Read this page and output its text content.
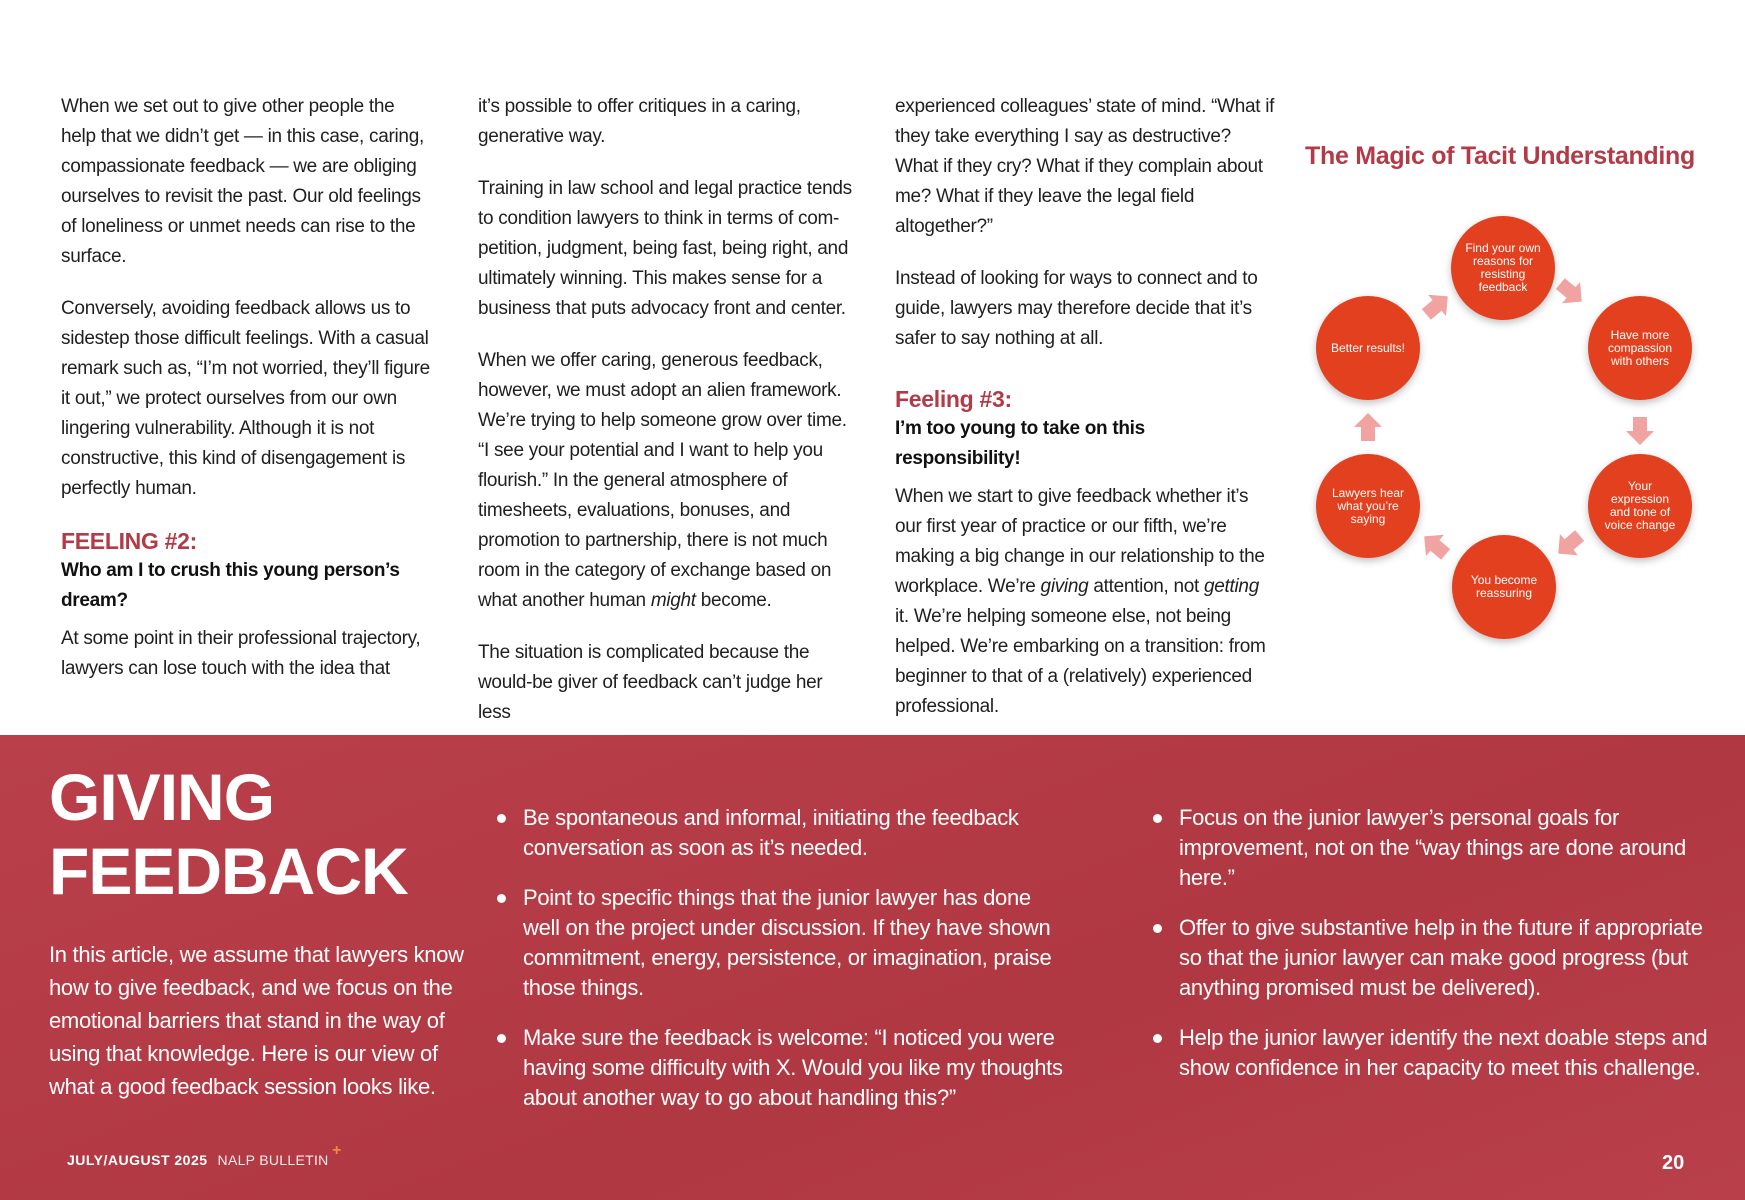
When we set out to give other people the help that we didn’t get — in this case, caring, compassionate feedback — we are obliging ourselves to revisit the past. Our old feelings of loneliness or unmet needs can rise to the surface.

Conversely, avoiding feedback allows us to sidestep those difficult feelings. With a casual remark such as, “I’m not worried, they’ll figure it out,” we protect ourselves from our own lingering vulnerability. Although it is not constructive, this kind of disengagement is perfectly human.

FEELING #2:
Who am I to crush this young person’s dream?

At some point in their professional trajectory, lawyers can lose touch with the idea that

it’s possible to offer critiques in a caring, generative way.

Training in law school and legal practice tends to condition lawyers to think in terms of competition, judgment, being fast, being right, and ultimately winning. This makes sense for a business that puts advocacy front and center.

When we offer caring, generous feedback, however, we must adopt an alien framework. We’re trying to help someone grow over time. “I see your potential and I want to help you flourish.” In the general atmosphere of timesheets, evaluations, bonuses, and promotion to partnership, there is not much room in the category of exchange based on what another human might become.

The situation is complicated because the would-be giver of feedback can’t judge her less

experienced colleagues’ state of mind. “What if they take everything I say as destructive? What if they cry? What if they complain about me? What if they leave the legal field altogether?”

Instead of looking for ways to connect and to guide, lawyers may therefore decide that it’s safer to say nothing at all.

Feeling #3:
I’m too young to take on this responsibility!

When we start to give feedback whether it’s our first year of practice or our fifth, we’re making a big change in our relationship to the workplace. We’re giving attention, not getting it. We’re helping someone else, not being helped. We’re embarking on a transition: from beginner to that of a (relatively) experienced professional.

The Magic of Tacit Understanding
Find your own reasons for resisting feedback
Have more compassion with others
Your expression and tone of voice change
You become reassuring
Lawyers hear what you’re saying
Better results!
GIVING
FEEDBACK

In this article, we assume that lawyers know how to give feedback, and we focus on the emotional barriers that stand in the way of using that knowledge. Here is our view of what a good feedback session looks like.

Be spontaneous and informal, initiating the feedback conversation as soon as it’s needed.
Point to specific things that the junior lawyer has done well on the project under discussion. If they have shown commitment, energy, persistence, or imagination, praise those things.
Make sure the feedback is welcome: “I noticed you were having some difficulty with X. Would you like my thoughts about another way to go about handling this?”
Focus on the junior lawyer’s personal goals for improvement, not on the “way things are done around here.”
Offer to give substantive help in the future if appropriate so that the junior lawyer can make good progress (but anything promised must be delivered).
Help the junior lawyer identify the next doable steps and show confidence in her capacity to meet this challenge.
JULY/AUGUST 2025 NALP BULLETIN
+
20
